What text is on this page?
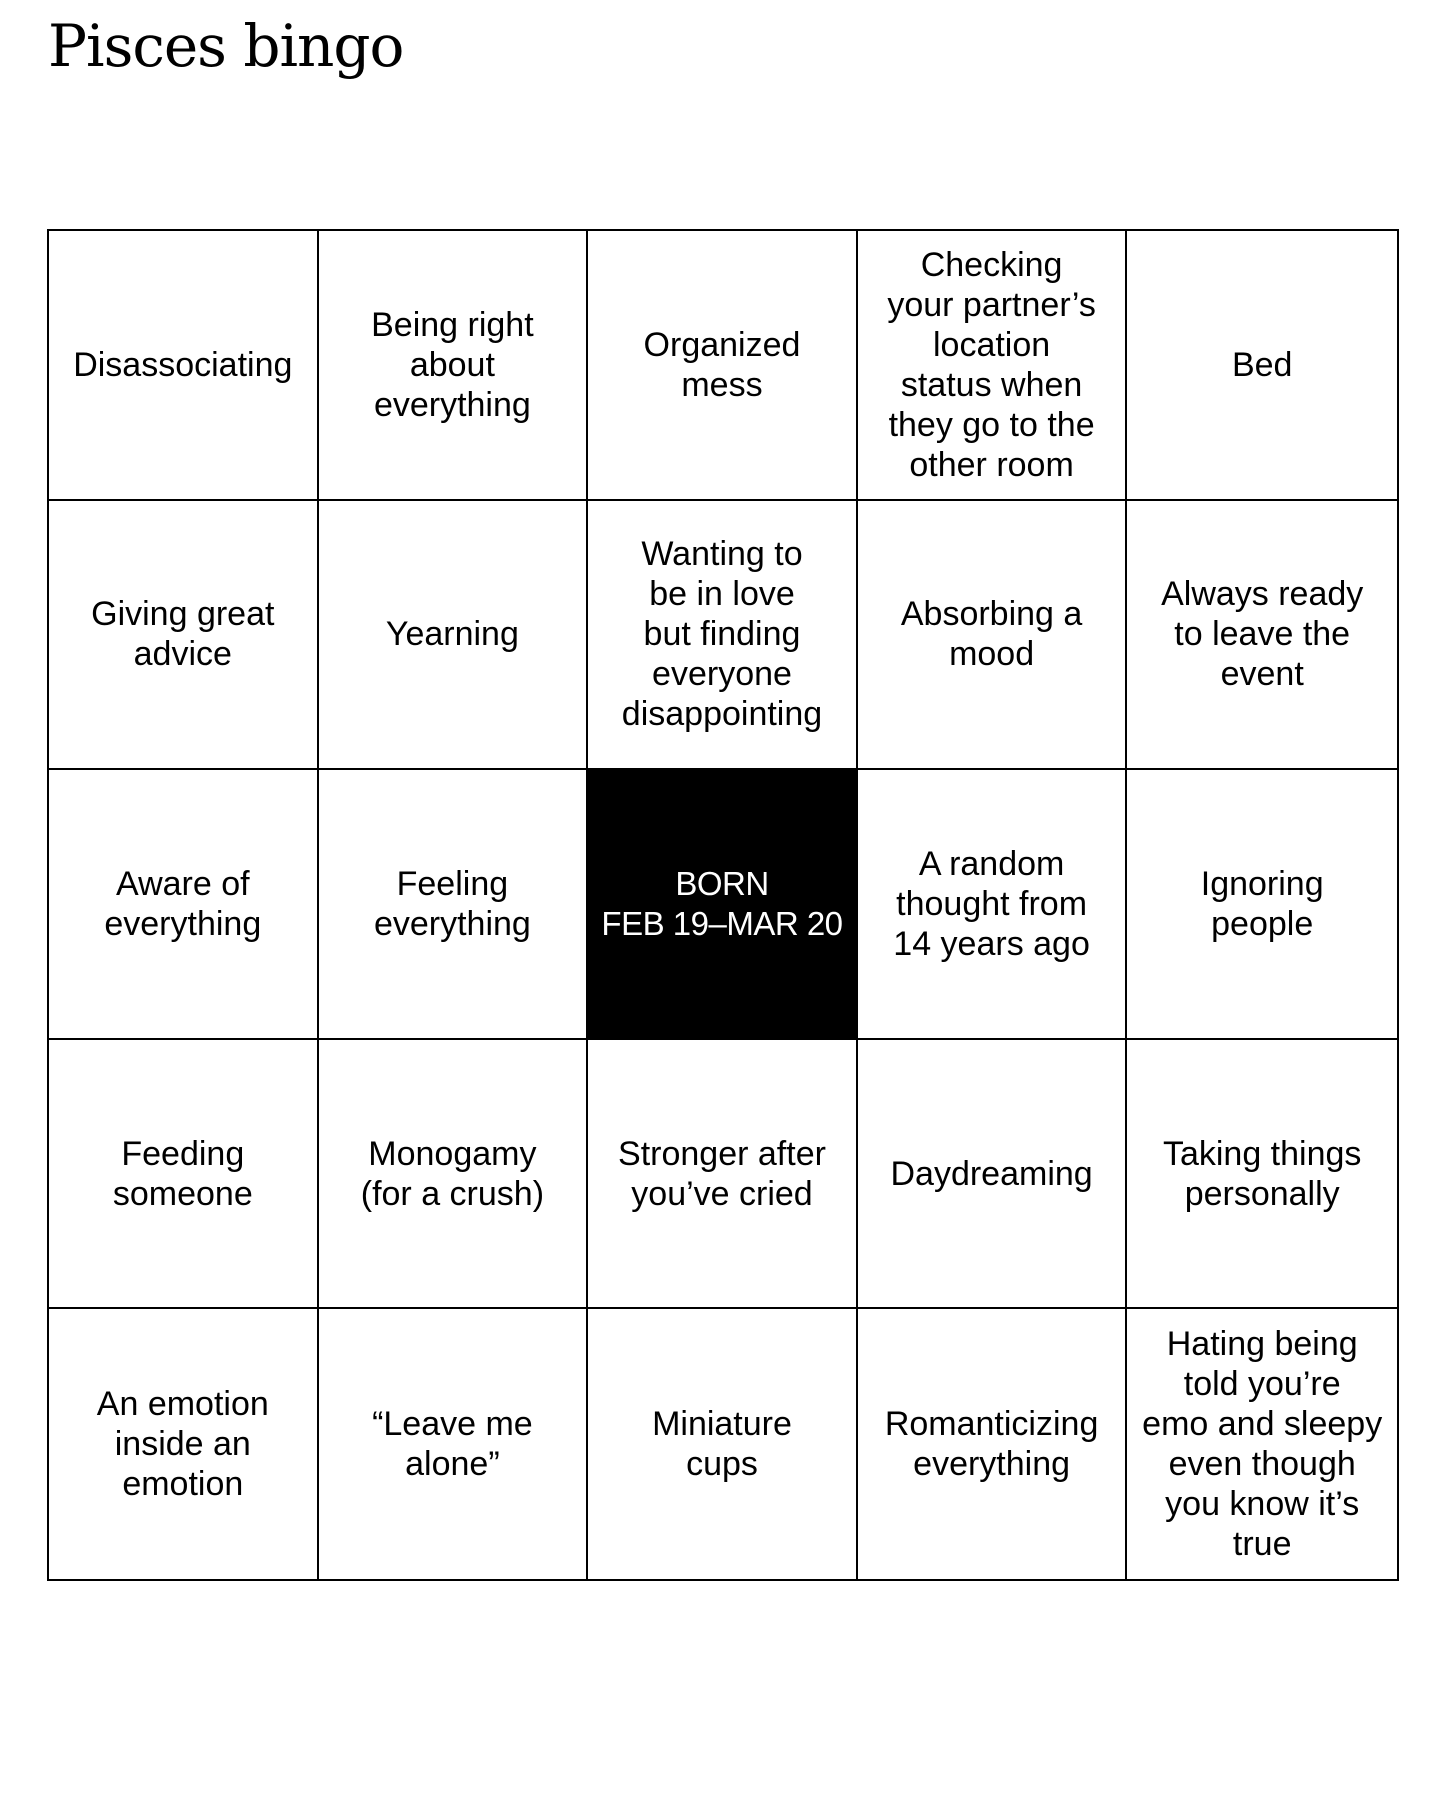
Pisces bingo
Disassociating
Being right
about
everything
Organized
mess
Checking
your partner’s
location
status when
they go to the
other room
Bed
Giving great
advice
Yearning
Wanting to
be in love
but finding
everyone
disappointing
Absorbing a
mood
Always ready
to leave the
event
Aware of
everything
Feeling
everything
BORN
FEB 19–MAR 20
A random
thought from
14 years ago
Ignoring
people
Feeding
someone
Monogamy
(for a crush)
Stronger after
you’ve cried
Daydreaming
Taking things
personally
An emotion
inside an
emotion
“Leave me
alone”
Miniature
cups
Romanticizing
everything
Hating being
told you’re
emo and sleepy
even though
you know it’s
true
